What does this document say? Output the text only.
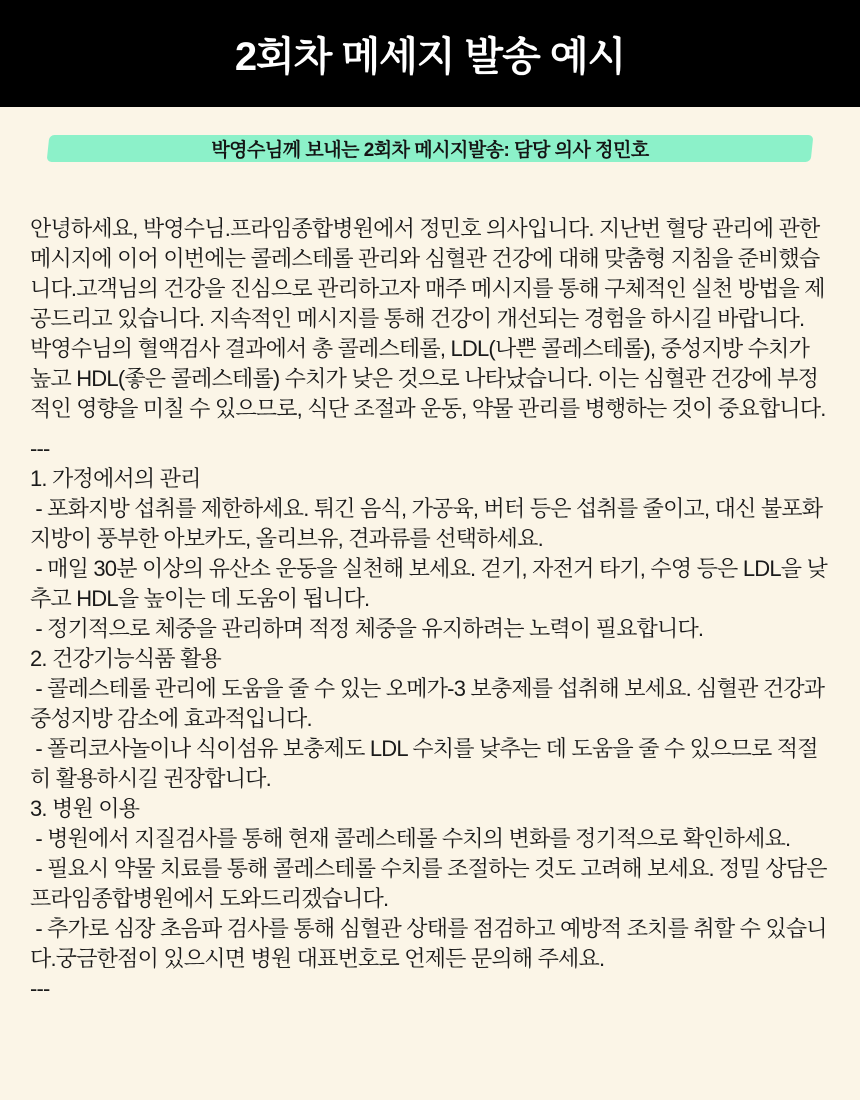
2회차 메세지 발송 예시
박영수님께 보내는 2회차 메시지발송: 담당 의사 정민호

안녕하세요, 박영수님.프라임종합병원에서 정민호 의사입니다. 지난번 혈당 관리에 관한 메시지에 이어 이번에는 콜레스테롤 관리와 심혈관 건강에 대해 맞춤형 지침을 준비했습니다.고객님의 건강을 진심으로 관리하고자 매주 메시지를 통해 구체적인 실천 방법을 제공드리고 있습니다. 지속적인 메시지를 통해 건강이 개선되는 경험을 하시길 바랍니다.

박영수님의 혈액검사 결과에서 총 콜레스테롤, LDL(나쁜 콜레스테롤), 중성지방 수치가 높고 HDL(좋은 콜레스테롤) 수치가 낮은 것으로 나타났습니다. 이는 심혈관 건강에 부정적인 영향을 미칠 수 있으므로, 식단 조절과 운동, 약물 관리를 병행하는 것이 중요합니다.

---

1. 가정에서의 관리

- 포화지방 섭취를 제한하세요. 튀긴 음식, 가공육, 버터 등은 섭취를 줄이고, 대신 불포화지방이 풍부한 아보카도, 올리브유, 견과류를 선택하세요.

- 매일 30분 이상의 유산소 운동을 실천해 보세요. 걷기, 자전거 타기, 수영 등은 LDL을 낮추고 HDL을 높이는 데 도움이 됩니다.

- 정기적으로 체중을 관리하며 적정 체중을 유지하려는 노력이 필요합니다.

2. 건강기능식품 활용

- 콜레스테롤 관리에 도움을 줄 수 있는 오메가-3 보충제를 섭취해 보세요. 심혈관 건강과 중성지방 감소에 효과적입니다.

- 폴리코사놀이나 식이섬유 보충제도 LDL 수치를 낮추는 데 도움을 줄 수 있으므로 적절히 활용하시길 권장합니다.

3. 병원 이용

- 병원에서 지질검사를 통해 현재 콜레스테롤 수치의 변화를 정기적으로 확인하세요.

- 필요시 약물 치료를 통해 콜레스테롤 수치를 조절하는 것도 고려해 보세요. 정밀 상담은 프라임종합병원에서 도와드리겠습니다.

- 추가로 심장 초음파 검사를 통해 심혈관 상태를 점검하고 예방적 조치를 취할 수 있습니다.궁금한점이 있으시면 병원 대표번호로 언제든 문의해 주세요.

---
